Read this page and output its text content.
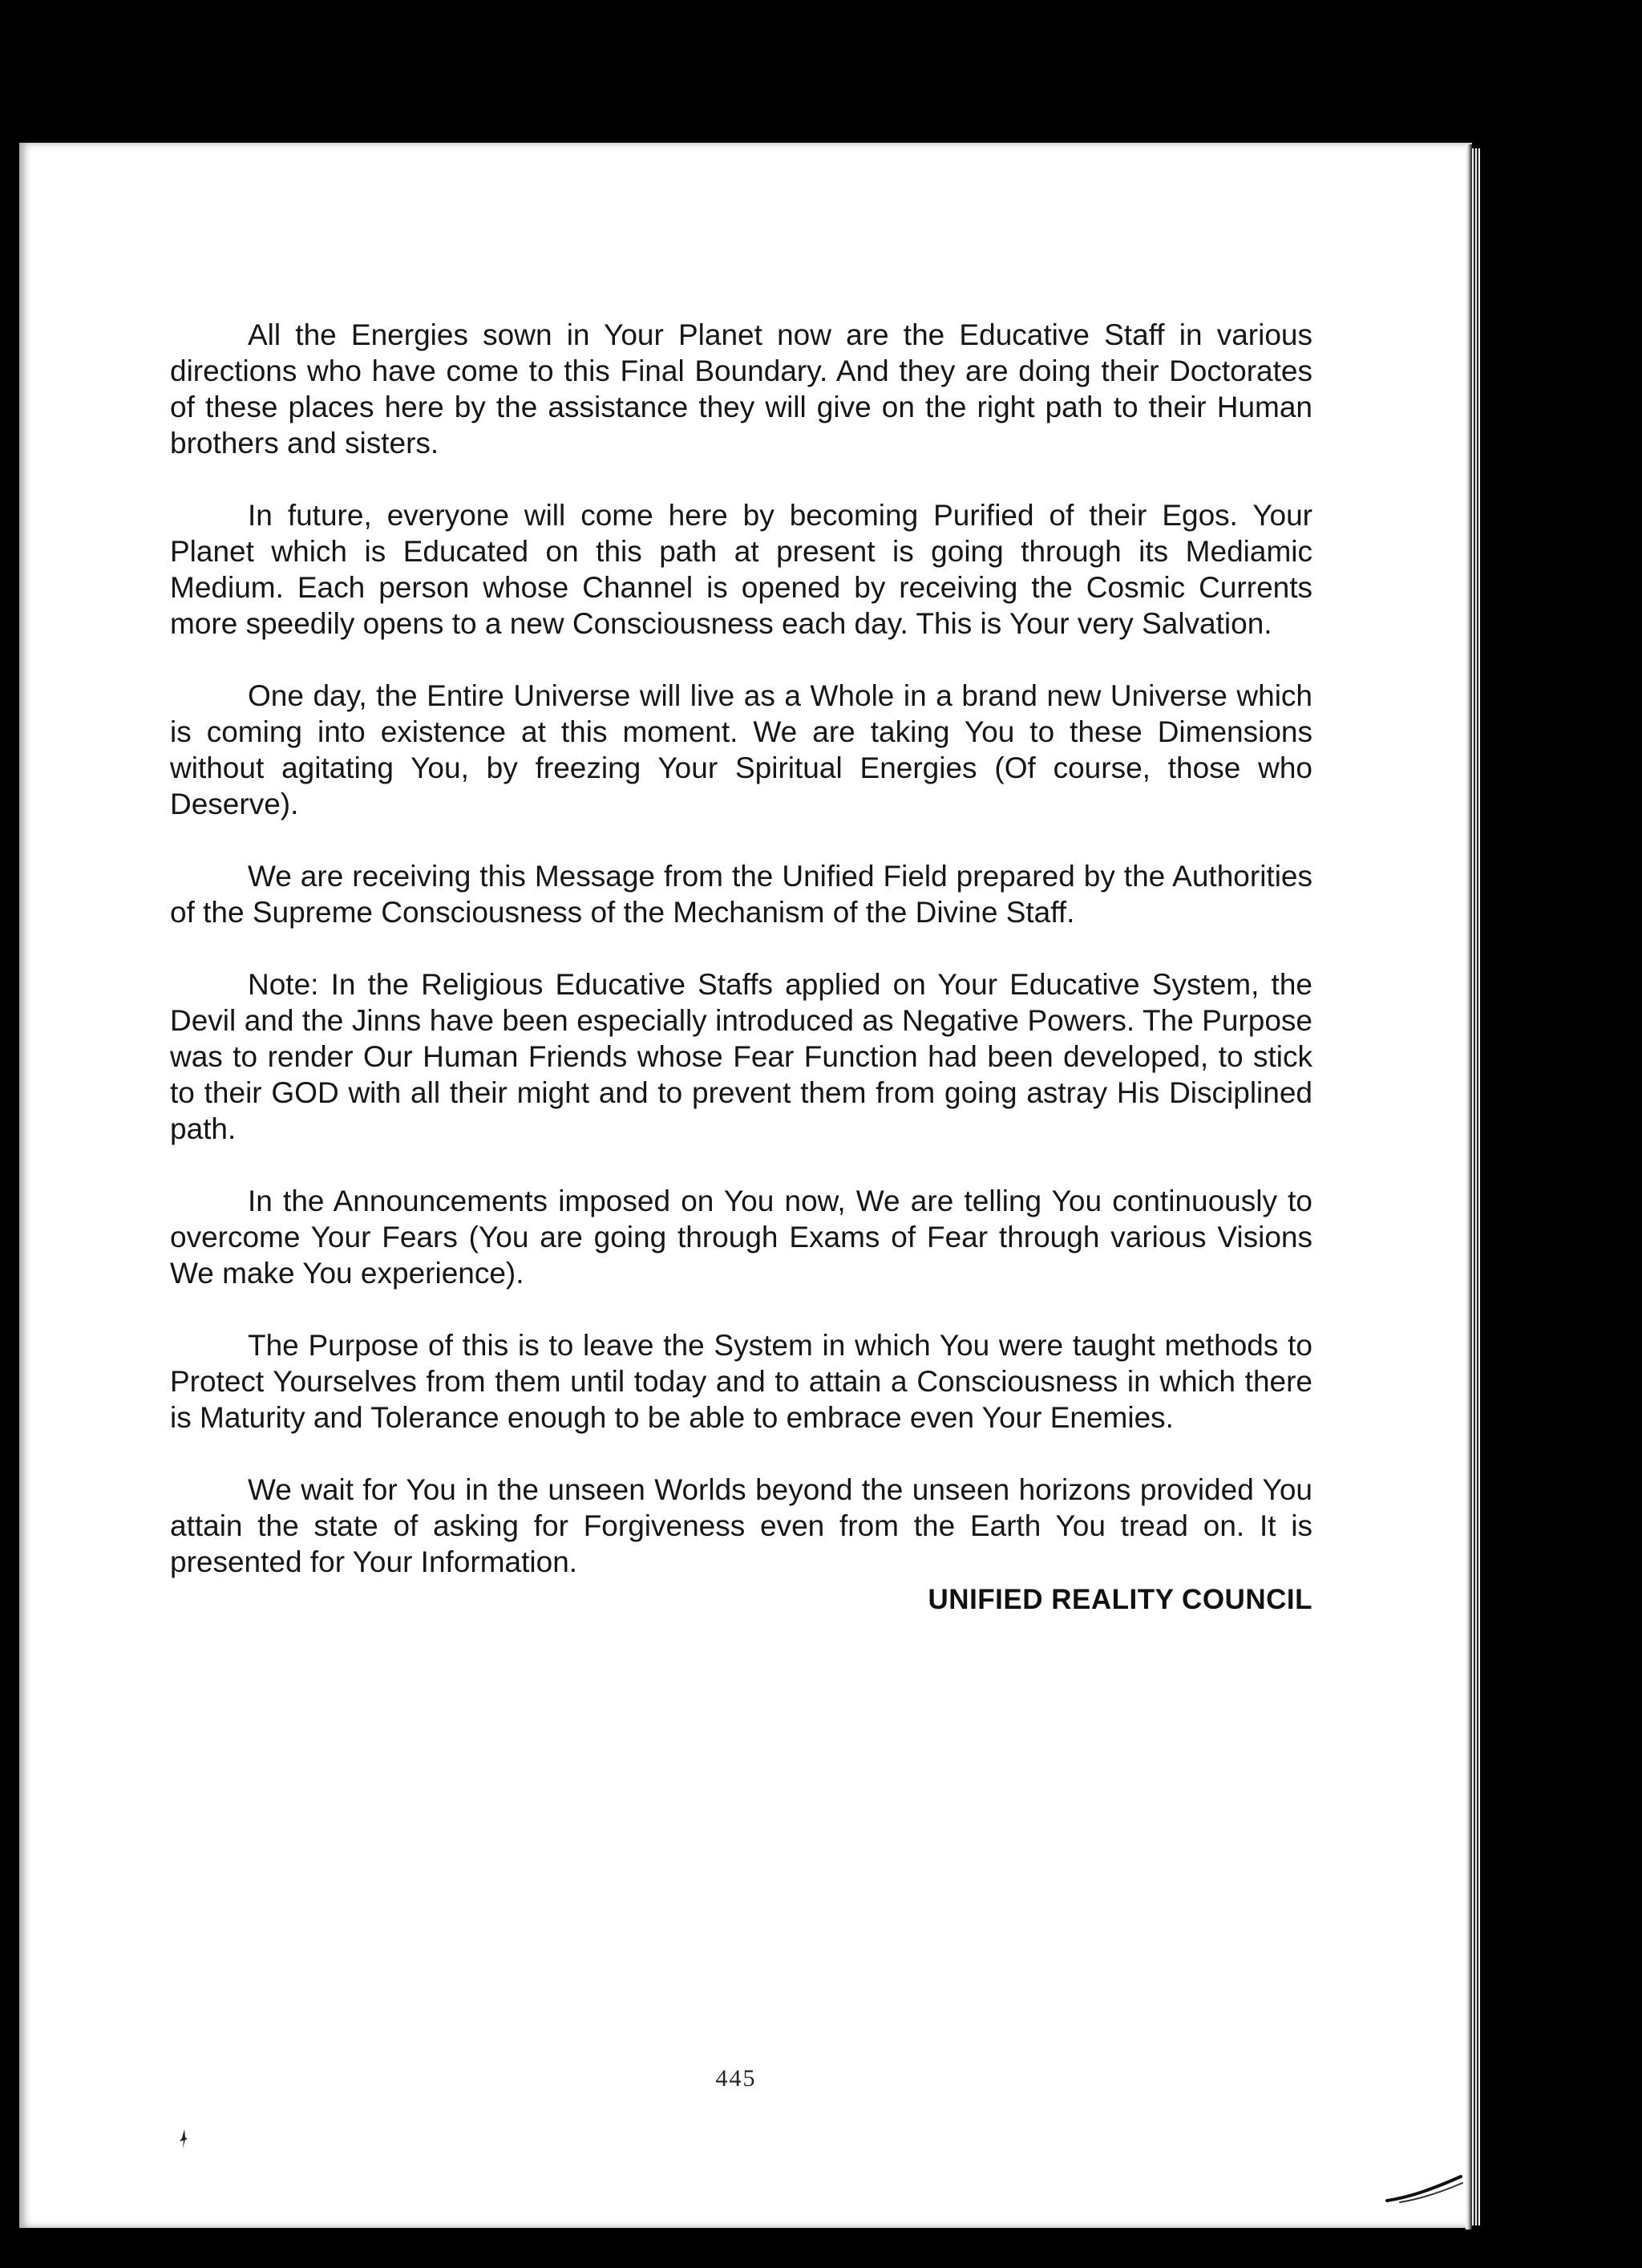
All the Energies sown in Your Planet now are the Educative Staff in various directions who have come to this Final Boundary. And they are doing their Doctorates of these places here by the assistance they will give on the right path to their Human brothers and sisters.

In future, everyone will come here by becoming Purified of their Egos. Your Planet which is Educated on this path at present is going through its Mediamic Medium. Each person whose Channel is opened by receiving the Cosmic Currents more speedily opens to a new Consciousness each day. This is Your very Salvation.

One day, the Entire Universe will live as a Whole in a brand new Universe which is coming into existence at this moment. We are taking You to these Dimensions without agitating You, by freezing Your Spiritual Energies (Of course, those who Deserve).

We are receiving this Message from the Unified Field prepared by the Authorities of the Supreme Consciousness of the Mechanism of the Divine Staff.

Note: In the Religious Educative Staffs applied on Your Educative System, the Devil and the Jinns have been especially introduced as Negative Powers. The Purpose was to render Our Human Friends whose Fear Function had been developed, to stick to their GOD with all their might and to prevent them from going astray His Disciplined path.

In the Announcements imposed on You now, We are telling You continuously to overcome Your Fears (You are going through Exams of Fear through various Visions We make You experience).

The Purpose of this is to leave the System in which You were taught methods to Protect Yourselves from them until today and to attain a Consciousness in which there is Maturity and Tolerance enough to be able to embrace even Your Enemies.

We wait for You in the unseen Worlds beyond the unseen horizons provided You attain the state of asking for Forgiveness even from the Earth You tread on. It is presented for Your Information.

UNIFIED REALITY COUNCIL
445
